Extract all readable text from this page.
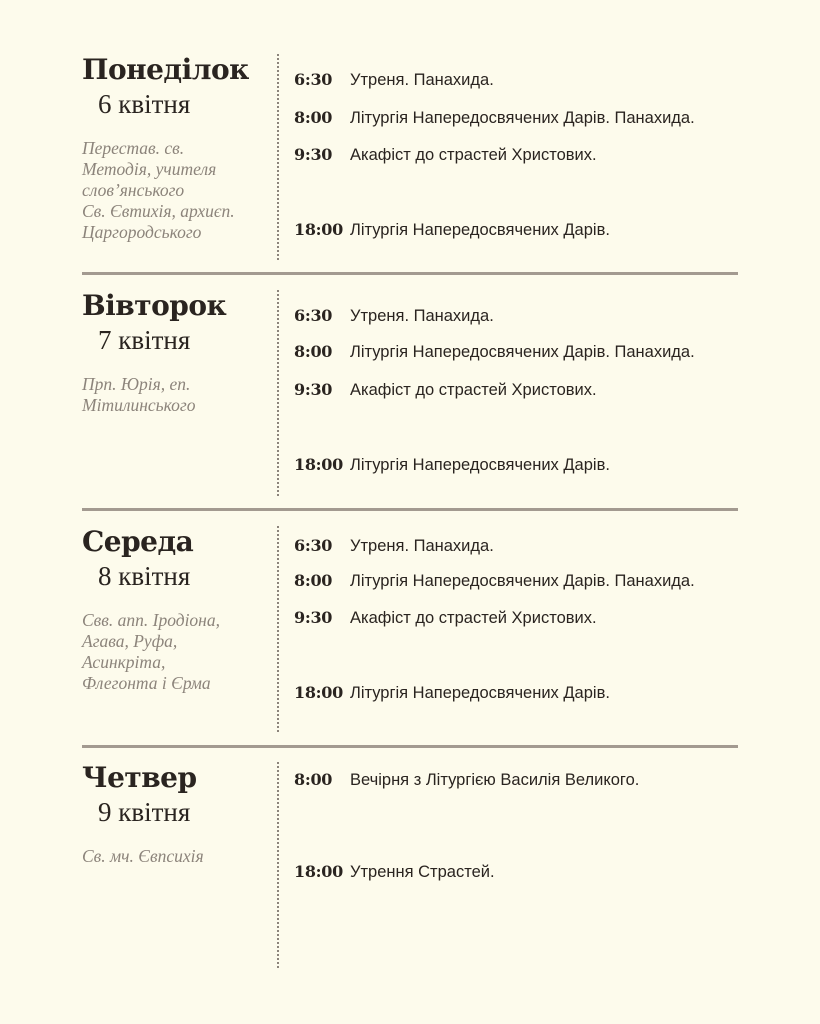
Понеділок
6 квітня
Перестав. св.
Методія, учителя
слов’янського
Св. Євтихія, архиєп.
Царгородського
6:30 Утреня. Панахида.
8:00 Літургія Напередосвячених Дарів. Панахида.
9:30 Акафіст до страстей Христових.
18:00 Літургія Напередосвячених Дарів.
Вівторок
7 квітня
Прп. Юрія, еп.
Мітилинського
6:30 Утреня. Панахида.
8:00 Літургія Напередосвячених Дарів. Панахида.
9:30 Акафіст до страстей Христових.
18:00 Літургія Напередосвячених Дарів.
Середа
8 квітня
Свв. апп. Іродіона,
Агава, Руфа,
Асинкріта,
Флегонта і Єрма
6:30 Утреня. Панахида.
8:00 Літургія Напередосвячених Дарів. Панахида.
9:30 Акафіст до страстей Христових.
18:00 Літургія Напередосвячених Дарів.
Четвер
9 квітня
Св. мч. Євпсихія
8:00 Вечірня з Літургією Василія Великого.
18:00 Утрення Страстей.
